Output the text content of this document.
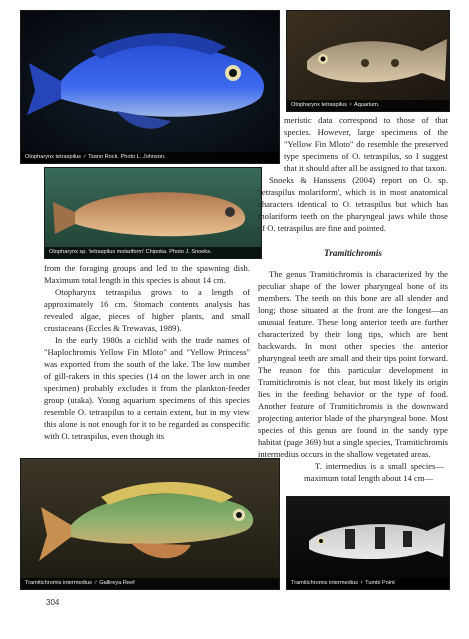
Otopharynx tetraspilus ♂ Tsano Rock. Photo L. Johnson.
Otopharynx tetraspilus ♀ Aquarium.
Otopharynx sp. 'tetraspilus molariform' Chipoka. Photo J. Snoeks.

meristic data correspond to those of that species. However, large specimens of the "Yellow Fin Mloto" do resemble the preserved type specimens of O. tetraspilus, so I suggest that it should after all be assigned to that taxon.

Snoeks & Hanssens (2004) report on O. sp. 'tetraspilus molariform', which is in most anatomical characters identical to O. tetraspilus but which has molariform teeth on the pharyngeal jaws while those of O. tetraspilus are fine and pointed.

Tramitichromis

The genus Tramitichromis is characterized by the peculiar shape of the lower pharyngeal bone of its members. The teeth on this bone are all slender and long; those situated at the front are the longest—an unusual feature. These long anterior teeth are further characterized by their long tips, which are bent backwards. In most other species the anterior pharyngeal teeth are small and their tips point forward. The reason for this particular development in Tramitichromis is not clear, but most likely its origin lies in the feeding behavior or the type of food. Another feature of Tramitichromis is the downward projecting anterior blade of the pharyngeal bone. Most species of this genus are found in the sandy type habitat (page 369) but a single species, Tramitichromis intermedius occurs in the shallow vegetated areas.

T. intermedius is a small species—maximum total length about 14 cm—

from the foraging groups and led to the spawning dish. Maximum total length in this species is about 14 cm.

Otopharynx tetraspilus grows to a length of approximately 16 cm. Stomach contents analysis has revealed algae, pieces of higher plants, and small crustaceans (Eccles & Trewavas, 1989).

In the early 1980s a cichlid with the trade names of "Haplochromis Yellow Fin Mloto" and "Yellow Princess" was exported from the south of the lake. The low number of gill-rakers in this species (14 on the lower arch in one specimen) probably excludes it from the plankton-feeder group (utaka). Young aquarium specimens of this species resemble O. tetraspilus to a certain extent, but in my view this alone is not enough for it to be regarded as conspecific with O. tetraspilus, even though its

Tramitichromis intermedius ♂ Gallireya Reef	Tramitichromis intermedius ♀ Tumbi Point
304
